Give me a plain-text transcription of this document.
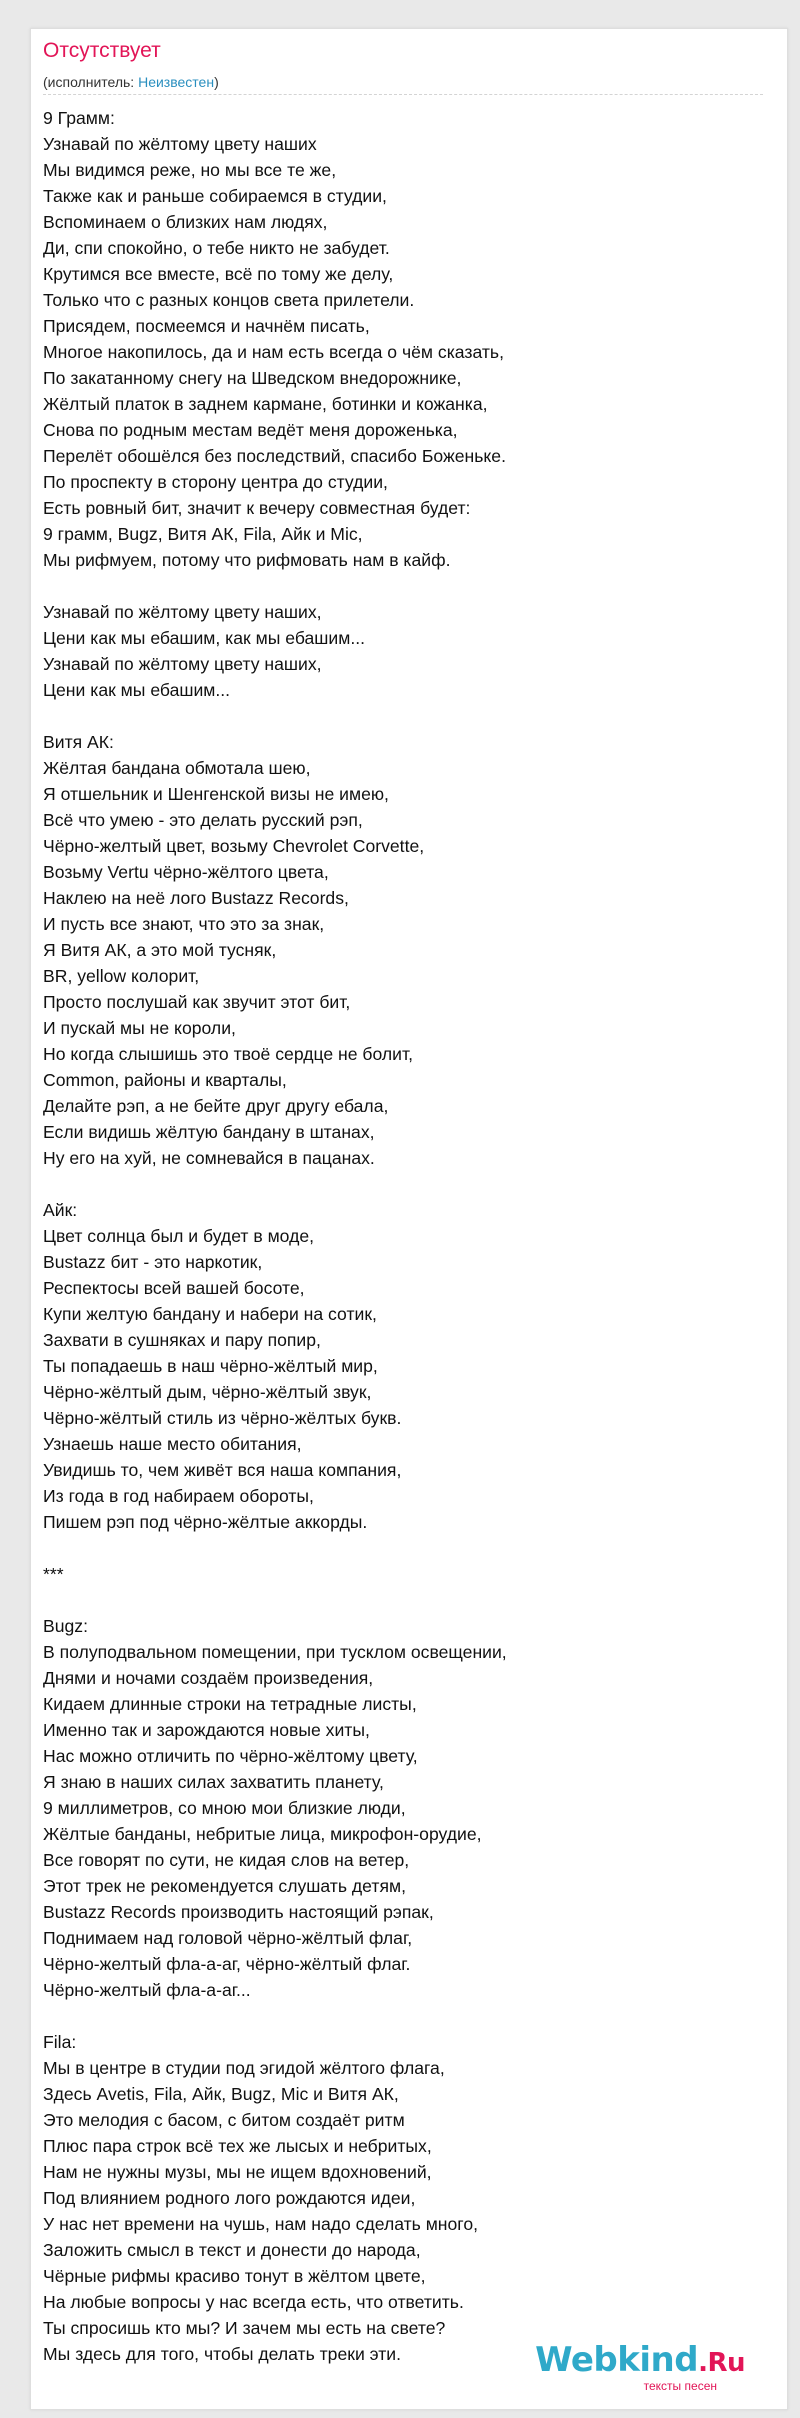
Отсутствует
(исполнитель: Неизвестен)
9 Грамм:
Узнавай по жёлтому цвету наших
Мы видимся реже, но мы все те же,
Также как и раньше собираемся в студии,
Вспоминаем о близких нам людях,
Ди, спи спокойно, о тебе никто не забудет.
Крутимся все вместе, всё по тому же делу,
Только что с разных концов света прилетели.
Присядем, посмеемся и начнём писать,
Многое накопилось, да и нам есть всегда о чём сказать,
По закатанному снегу на Шведском внедорожнике,
Жёлтый платок в заднем кармане, ботинки и кожанка,
Снова по родным местам ведёт меня дороженька,
Перелёт обошёлся без последствий, спасибо Боженьке.
По проспекту в сторону центра до студии,
Есть ровный бит, значит к вечеру совместная будет:
9 грамм, Bugz, Витя АК, Fila, Айк и Mic,
Мы рифмуем, потому что рифмовать нам в кайф.
Узнавай по жёлтому цвету наших,
Цени как мы ебашим, как мы ебашим...
Узнавай по жёлтому цвету наших,
Цени как мы ебашим...
Витя АК:
Жёлтая бандана обмотала шею,
Я отшельник и Шенгенской визы не имею,
Всё что умею - это делать русский рэп,
Чёрно-желтый цвет, возьму Chevrolet Corvette,
Возьму Vertu чёрно-жёлтого цвета,
Наклею на неё лого Bustazz Records,
И пусть все знают, что это за знак,
Я Витя АК, а это мой тусняк,
BR, yellow колорит,
Просто послушай как звучит этот бит,
И пускай мы не короли,
Но когда слышишь это твоё сердце не болит,
Common, районы и кварталы,
Делайте рэп, а не бейте друг другу ебала,
Если видишь жёлтую бандану в штанах,
Ну его на хуй, не сомневайся в пацанах.
Айк:
Цвет солнца был и будет в моде,
Bustazz бит - это наркотик,
Респектосы всей вашей босоте,
Купи желтую бандану и набери на сотик,
Захвати в сушняках и пару попир,
Ты попадаешь в наш чёрно-жёлтый мир,
Чёрно-жёлтый дым, чёрно-жёлтый звук,
Чёрно-жёлтый стиль из чёрно-жёлтых букв.
Узнаешь наше место обитания,
Увидишь то, чем живёт вся наша компания,
Из года в год набираем обороты,
Пишем рэп под чёрно-жёлтые аккорды.
***
Bugz:
В полуподвальном помещении, при тусклом освещении,
Днями и ночами создаём произведения,
Кидаем длинные строки на тетрадные листы,
Именно так и зарождаются новые хиты,
Нас можно отличить по чёрно-жёлтому цвету,
Я знаю в наших силах захватить планету,
9 миллиметров, со мною мои близкие люди,
Жёлтые банданы, небритые лица, микрофон-орудие,
Все говорят по сути, не кидая слов на ветер,
Этот трек не рекомендуется слушать детям,
Bustazz Records производить настоящий рэпак,
Поднимаем над головой чёрно-жёлтый флаг,
Чёрно-желтый фла-а-аг, чёрно-жёлтый флаг.
Чёрно-желтый фла-а-аг...
Fila:
Мы в центре в студии под эгидой жёлтого флага,
Здесь Avetis, Fila, Айк, Bugz, Mic и Витя АК,
Это мелодия с басом, с битом создаёт ритм
Плюс пара строк всё тех же лысых и небритых,
Нам не нужны музы, мы не ищем вдохновений,
Под влиянием родного лого рождаются идеи,
У нас нет времени на чушь, нам надо сделать много,
Заложить смысл в текст и донести до народа,
Чёрные рифмы красиво тонут в жёлтом цвете,
На любые вопросы у нас всегда есть, что ответить.
Ты спросишь кто мы? И зачем мы есть на свете?
Мы здесь для того, чтобы делать треки эти.	Webkind.Ru
тексты песен
